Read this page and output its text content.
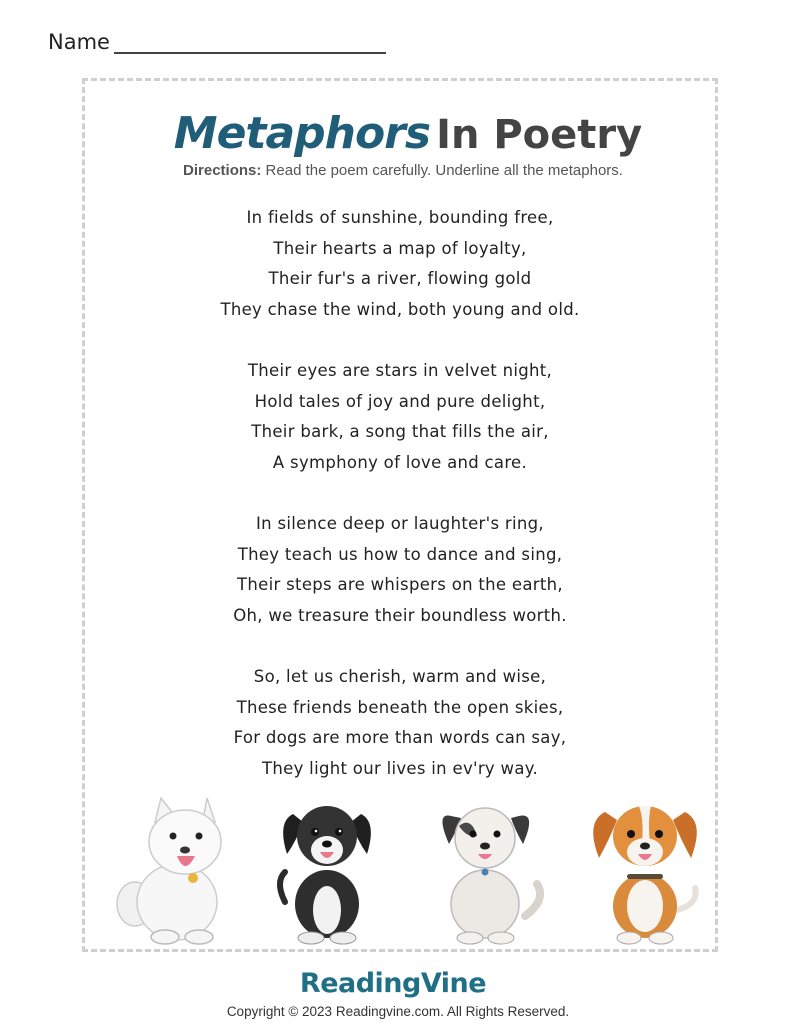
Name
Metaphors In Poetry
Directions: Read the poem carefully. Underline all the metaphors.
In fields of sunshine, bounding free,
Their hearts a map of loyalty,
Their fur's a river, flowing gold
They chase the wind, both young and old.
Their eyes are stars in velvet night,
Hold tales of joy and pure delight,
Their bark, a song that fills the air,
A symphony of love and care.
In silence deep or laughter's ring,
They teach us how to dance and sing,
Their steps are whispers on the earth,
Oh, we treasure their boundless worth.
So, let us cherish, warm and wise,
These friends beneath the open skies,
For dogs are more than words can say,
They light our lives in ev'ry way.
ReadingVine
Copyright © 2023 Readingvine.com. All Rights Reserved.
